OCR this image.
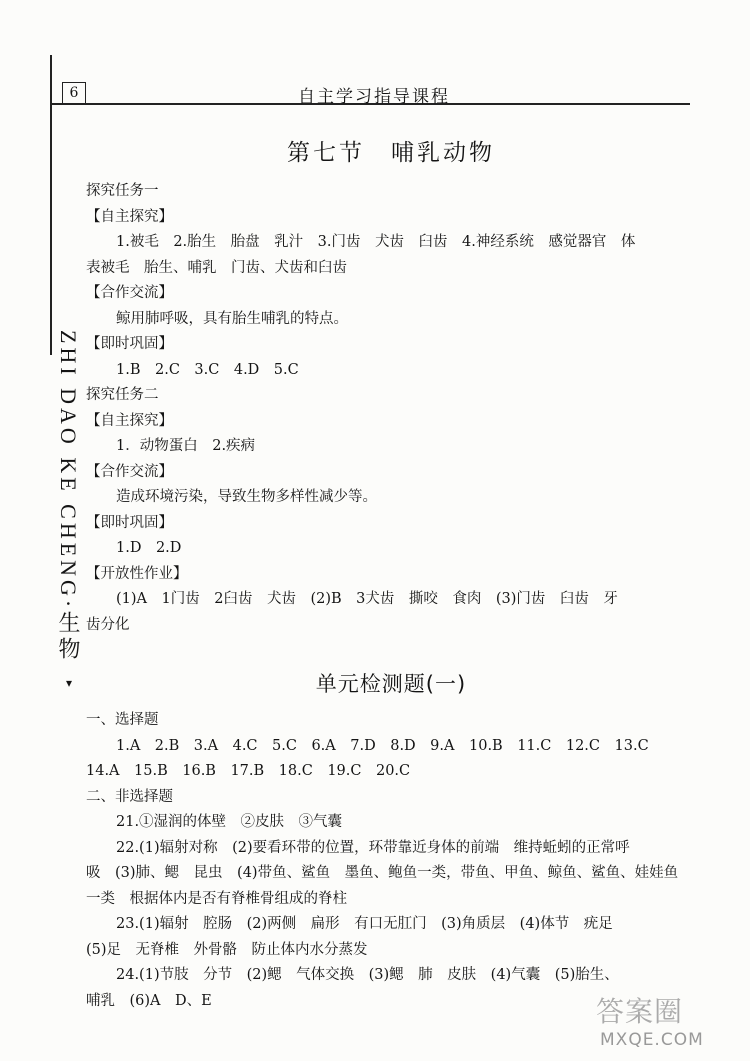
6	自主学习指导课程
ZHI DAO KE CHENG·生物
▾
第七节　哺乳动物
探究任务一
【自主探究】
1.被毛　2.胎生　胎盘　乳汁　3.门齿　犬齿　臼齿　4.神经系统　感觉器官　体
表被毛　胎生、哺乳　门齿、犬齿和臼齿
【合作交流】
鲸用肺呼吸，具有胎生哺乳的特点。
【即时巩固】
1.B　2.C　3.C　4.D　5.C
探究任务二
【自主探究】
1．动物蛋白　2.疾病
【合作交流】
造成环境污染，导致生物多样性减少等。
【即时巩固】
1.D　2.D
【开放性作业】
(1)A　1门齿　2臼齿　犬齿　(2)B　3犬齿　撕咬　食肉　(3)门齿　臼齿　牙
齿分化
单元检测题(一)
一、选择题
1.A　2.B　3.A　4.C　5.C　6.A　7.D　8.D　9.A　10.B　11.C　12.C　13.C
14.A　15.B　16.B　17.B　18.C　19.C　20.C
二、非选择题
21.①湿润的体壁　②皮肤　③气囊
22.(1)辐射对称　(2)要看环带的位置，环带靠近身体的前端　维持蚯蚓的正常呼
吸　(3)肺、鳃　昆虫　(4)带鱼、鲨鱼　墨鱼、鲍鱼一类，带鱼、甲鱼、鲸鱼、鲨鱼、娃娃鱼
一类　根据体内是否有脊椎骨组成的脊柱
23.(1)辐射　腔肠　(2)两侧　扁形　有口无肛门　(3)角质层　(4)体节　疣足
(5)足　无脊椎　外骨骼　防止体内水分蒸发
24.(1)节肢　分节　(2)鳃　气体交换　(3)鳃　肺　皮肤　(4)气囊　(5)胎生、
哺乳　(6)A　D、E	答案圈
MXQE.COM
